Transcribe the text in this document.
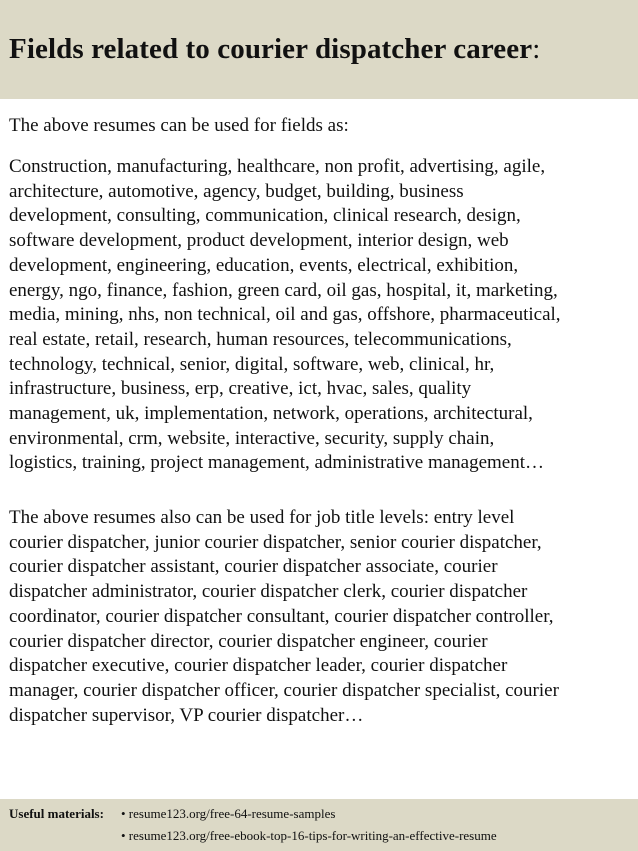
Fields related to courier dispatcher career:

The above resumes can be used for fields as:

Construction, manufacturing, healthcare, non profit, advertising, agile,
architecture, automotive, agency, budget, building, business
development, consulting, communication, clinical research, design,
software development, product development, interior design, web
development, engineering, education, events, electrical, exhibition,
energy, ngo, finance, fashion, green card, oil gas, hospital, it, marketing,
media, mining, nhs, non technical, oil and gas, offshore, pharmaceutical,
real estate, retail, research, human resources, telecommunications,
technology, technical, senior, digital, software, web, clinical, hr,
infrastructure, business, erp, creative, ict, hvac, sales, quality
management, uk, implementation, network, operations, architectural,
environmental, crm, website, interactive, security, supply chain,
logistics, training, project management, administrative management…

The above resumes also can be used for job title levels: entry level
courier dispatcher, junior courier dispatcher, senior courier dispatcher,
courier dispatcher assistant, courier dispatcher associate, courier
dispatcher administrator, courier dispatcher clerk, courier dispatcher
coordinator, courier dispatcher consultant, courier dispatcher controller,
courier dispatcher director, courier dispatcher engineer, courier
dispatcher executive, courier dispatcher leader, courier dispatcher
manager, courier dispatcher officer, courier dispatcher specialist, courier
dispatcher supervisor, VP courier dispatcher…

Useful materials: • resume123.org/free-64-resume-samples
• resume123.org/free-ebook-top-16-tips-for-writing-an-effective-resume
